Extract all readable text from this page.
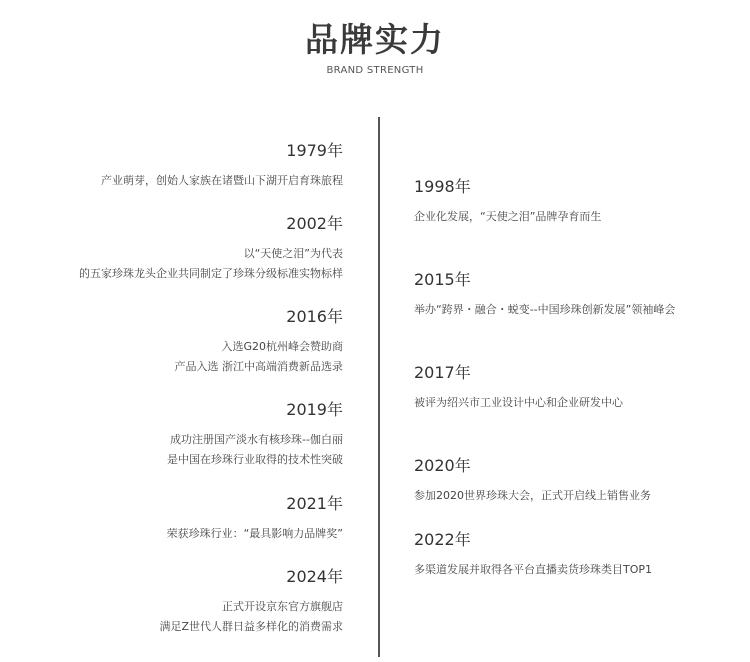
品牌实力
BRAND STRENGTH
1979年
产业萌芽，创始人家族在诸暨山下湖开启育珠旅程
2002年
以“天使之泪”为代表
的五家珍珠龙头企业共同制定了珍珠分级标准实物标样
2016年
入选G20杭州峰会赞助商
产品入选 浙江中高端消费新品选录
2019年
成功注册国产淡水有核珍珠--伽白丽
是中国在珍珠行业取得的技术性突破
2021年
荣获珍珠行业：“最具影响力品牌奖”
2024年
正式开设京东官方旗舰店
满足Z世代人群日益多样化的消费需求
1998年
企业化发展，“天使之泪”品牌孕育而生
2015年
举办“跨界・融合・蜕变--中国珍珠创新发展”领袖峰会
2017年
被评为绍兴市工业设计中心和企业研发中心
2020年
参加2020世界珍珠大会，正式开启线上销售业务
2022年
多渠道发展并取得各平台直播卖货珍珠类目TOP1
